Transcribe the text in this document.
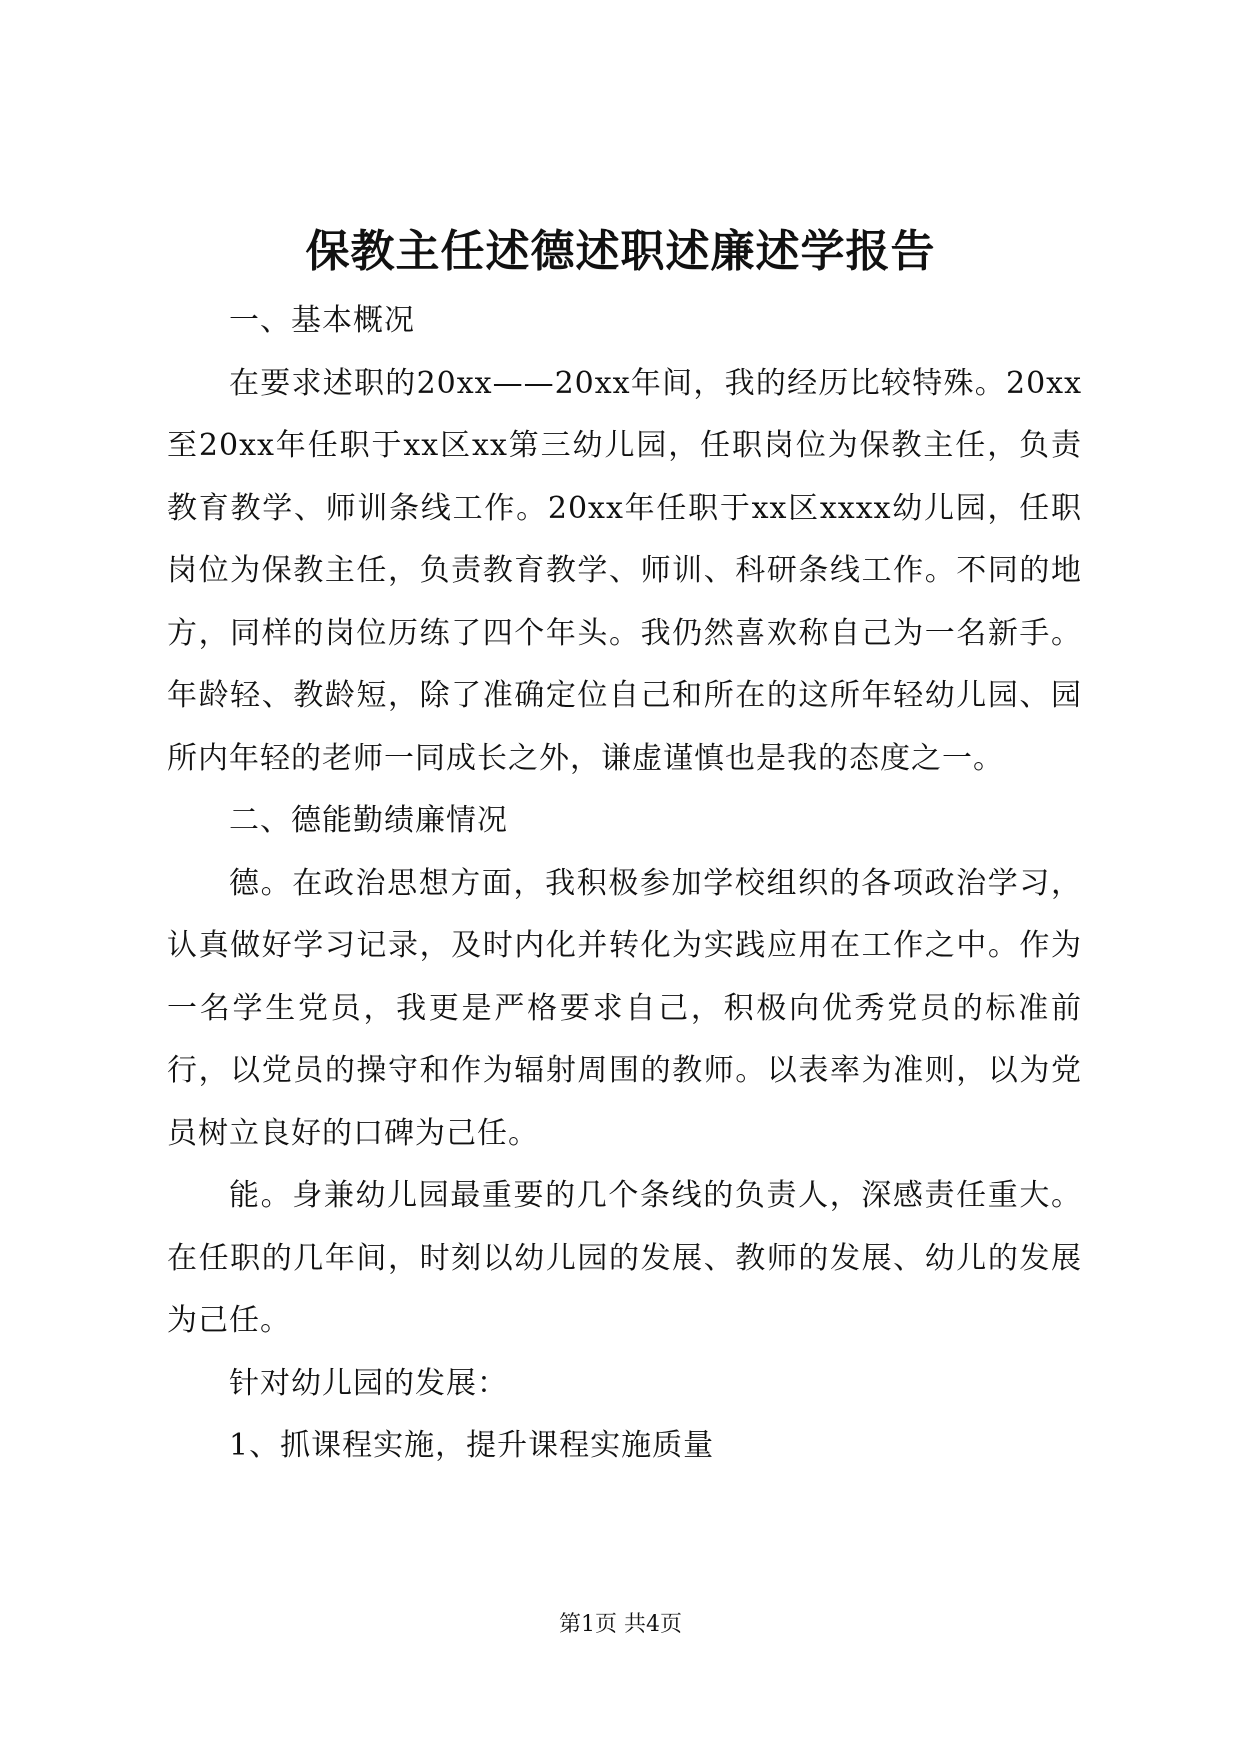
保教主任述德述职述廉述学报告

一、基本概况

在要求述职的20xx——20xx年间，我的经历比较特殊。20xx至20xx年任职于xx区xx第三幼儿园，任职岗位为保教主任，负责教育教学、师训条线工作。20xx年任职于xx区xxxx幼儿园，任职岗位为保教主任，负责教育教学、师训、科研条线工作。不同的地方，同样的岗位历练了四个年头。我仍然喜欢称自己为一名新手。年龄轻、教龄短，除了准确定位自己和所在的这所年轻幼儿园、园所内年轻的老师一同成长之外，谦虚谨慎也是我的态度之一。

二、德能勤绩廉情况

德。在政治思想方面，我积极参加学校组织的各项政治学习，认真做好学习记录，及时内化并转化为实践应用在工作之中。作为一名学生党员，我更是严格要求自己，积极向优秀党员的标准前行，以党员的操守和作为辐射周围的教师。以表率为准则，以为党员树立良好的口碑为己任。

能。身兼幼儿园最重要的几个条线的负责人，深感责任重大。在任职的几年间，时刻以幼儿园的发展、教师的发展、幼儿的发展为己任。

针对幼儿园的发展：

1、抓课程实施，提升课程实施质量

第1页 共4页
